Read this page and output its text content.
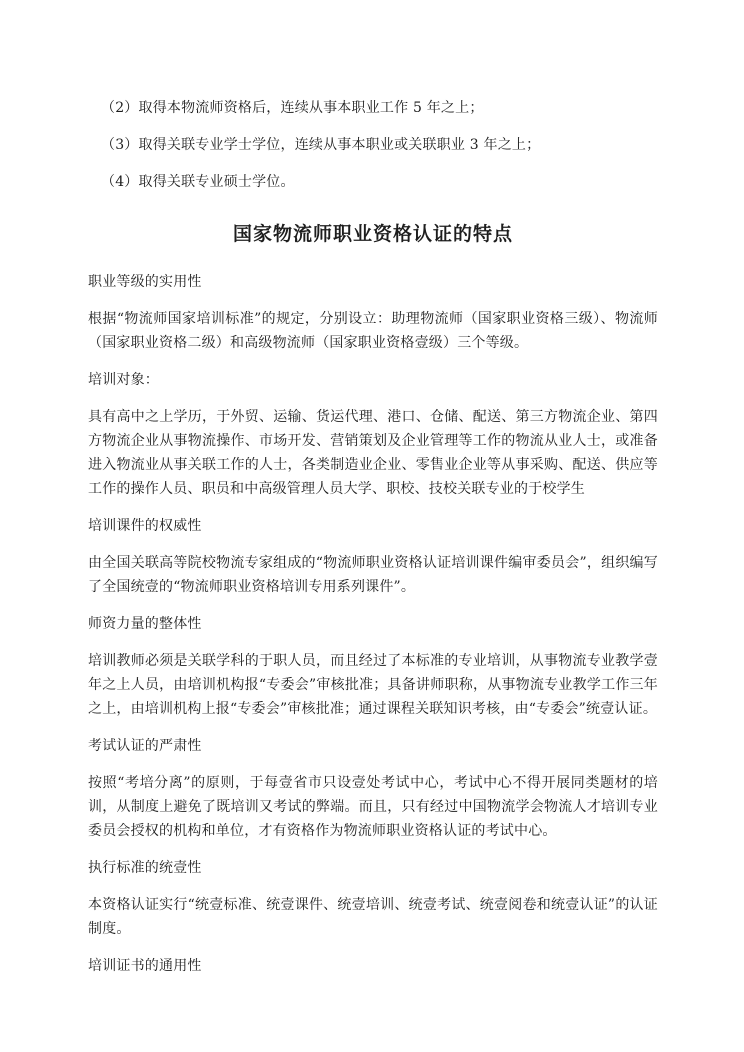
（2）取得本物流师资格后，连续从事本职业工作 5 年之上；

（3）取得关联专业学士学位，连续从事本职业或关联职业 3 年之上；

（4）取得关联专业硕士学位。

国家物流师职业资格认证的特点

职业等级的实用性

根据“物流师国家培训标准”的规定，分别设立：助理物流师（国家职业资格三级）、物流师（国家职业资格二级）和高级物流师（国家职业资格壹级）三个等级。

培训对象：

具有高中之上学历，于外贸、运输、货运代理、港口、仓储、配送、第三方物流企业、第四方物流企业从事物流操作、市场开发、营销策划及企业管理等工作的物流从业人士，或准备进入物流业从事关联工作的人士，各类制造业企业、零售业企业等从事采购、配送、供应等工作的操作人员、职员和中高级管理人员大学、职校、技校关联专业的于校学生

培训课件的权威性

由全国关联高等院校物流专家组成的“物流师职业资格认证培训课件编审委员会”，组织编写了全国统壹的“物流师职业资格培训专用系列课件”。

师资力量的整体性

培训教师必须是关联学科的于职人员，而且经过了本标准的专业培训，从事物流专业教学壹年之上人员，由培训机构报“专委会”审核批准；具备讲师职称，从事物流专业教学工作三年之上，由培训机构上报“专委会”审核批准；通过课程关联知识考核，由“专委会”统壹认证。

考试认证的严肃性

按照“考培分离”的原则，于每壹省市只设壹处考试中心，考试中心不得开展同类题材的培训，从制度上避免了既培训又考试的弊端。而且，只有经过中国物流学会物流人才培训专业委员会授权的机构和单位，才有资格作为物流师职业资格认证的考试中心。

执行标准的统壹性

本资格认证实行“统壹标准、统壹课件、统壹培训、统壹考试、统壹阅卷和统壹认证”的认证制度。

培训证书的通用性
